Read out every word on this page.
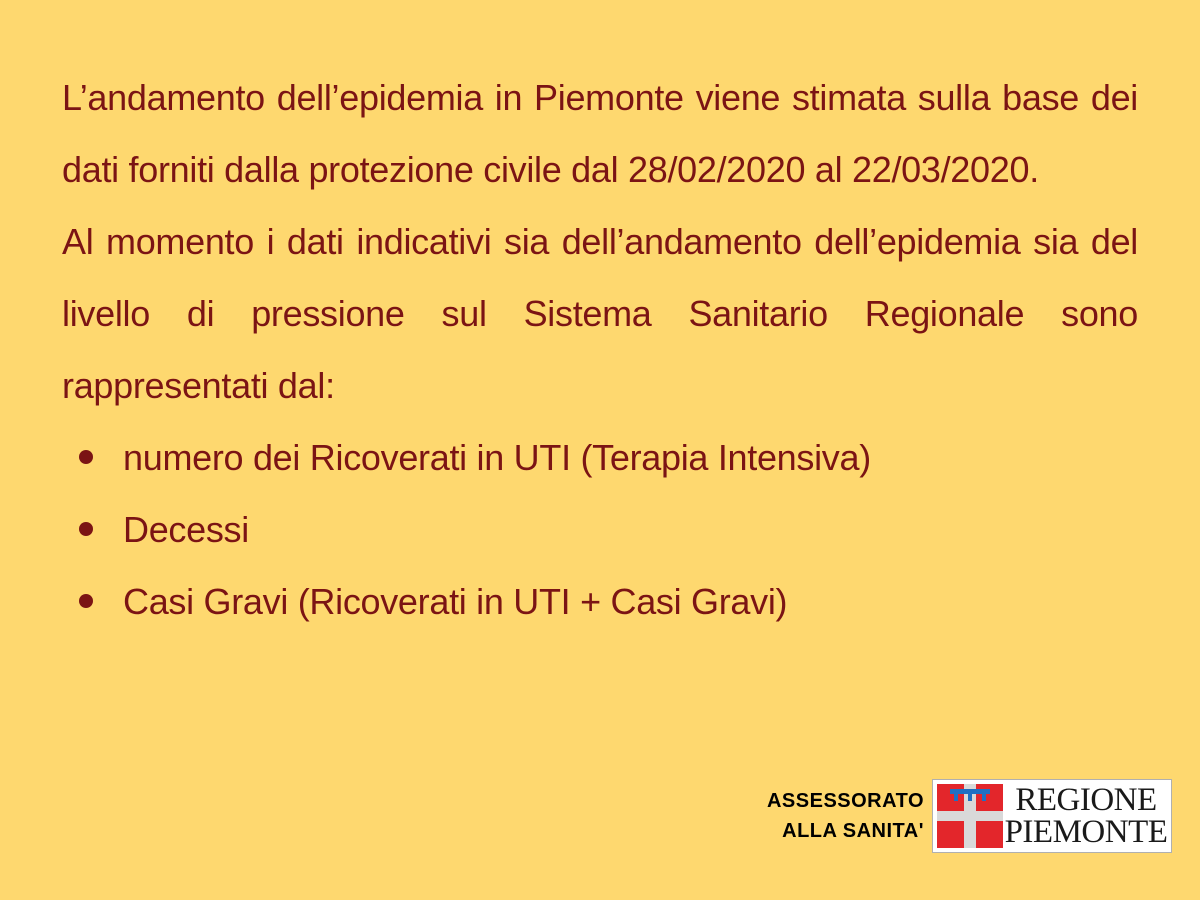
L’andamento dell’epidemia in Piemonte viene stimata sulla base dei dati forniti dalla protezione civile dal 28/02/2020 al 22/03/2020.

Al momento i dati indicativi sia dell’andamento dell’epidemia sia del livello di pressione sul Sistema Sanitario Regionale sono rappresentati dal:

numero dei Ricoverati in UTI (Terapia Intensiva)
Decessi
Casi Gravi (Ricoverati in UTI + Casi Gravi)
ASSESSORATO
ALLA SANITA'
REGIONE
PIEMONTE
